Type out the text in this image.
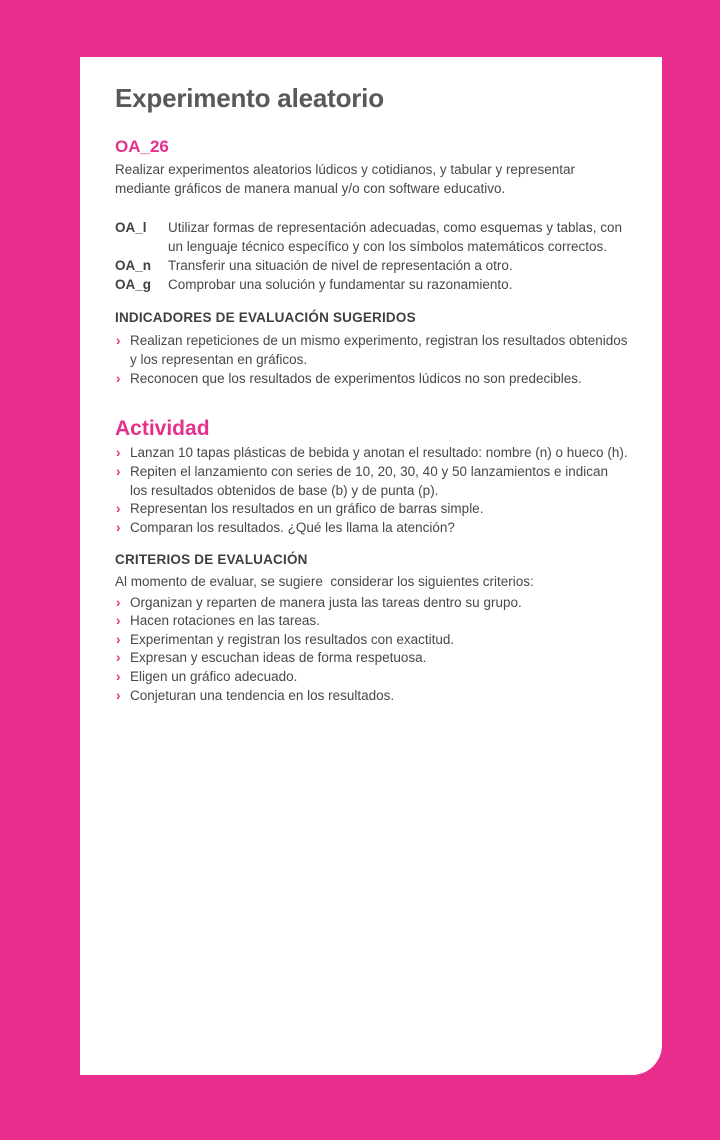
Experimento aleatorio
OA_26

Realizar experimentos aleatorios lúdicos y cotidianos, y tabular y representar mediante gráficos de manera manual y/o con software educativo.

OA_l	Utilizar formas de representación adecuadas, como esquemas y tablas, con un lenguaje técnico específico y con los símbolos matemáticos correctos.
OA_n	Transferir una situación de nivel de representación a otro.
OA_g	Comprobar una solución y fundamentar su razonamiento.
INDICADORES DE EVALUACIÓN SUGERIDOS
› Realizan repeticiones de un mismo experimento, registran los resultados obtenidos y los representan en gráficos.
› Reconocen que los resultados de experimentos lúdicos no son predecibles.
Actividad
› Lanzan 10 tapas plásticas de bebida y anotan el resultado: nombre (n) o hueco (h).
› Repiten el lanzamiento con series de 10, 20, 30, 40 y 50 lanzamientos e indican los resultados obtenidos de base (b) y de punta (p).
› Representan los resultados en un gráfico de barras simple.
› Comparan los resultados. ¿Qué les llama la atención?
CRITERIOS DE EVALUACIÓN

Al momento de evaluar, se sugiere  considerar los siguientes criterios:

› Organizan y reparten de manera justa las tareas dentro su grupo.
› Hacen rotaciones en las tareas.
› Experimentan y registran los resultados con exactitud.
› Expresan y escuchan ideas de forma respetuosa.
› Eligen un gráfico adecuado.
› Conjeturan una tendencia en los resultados.
